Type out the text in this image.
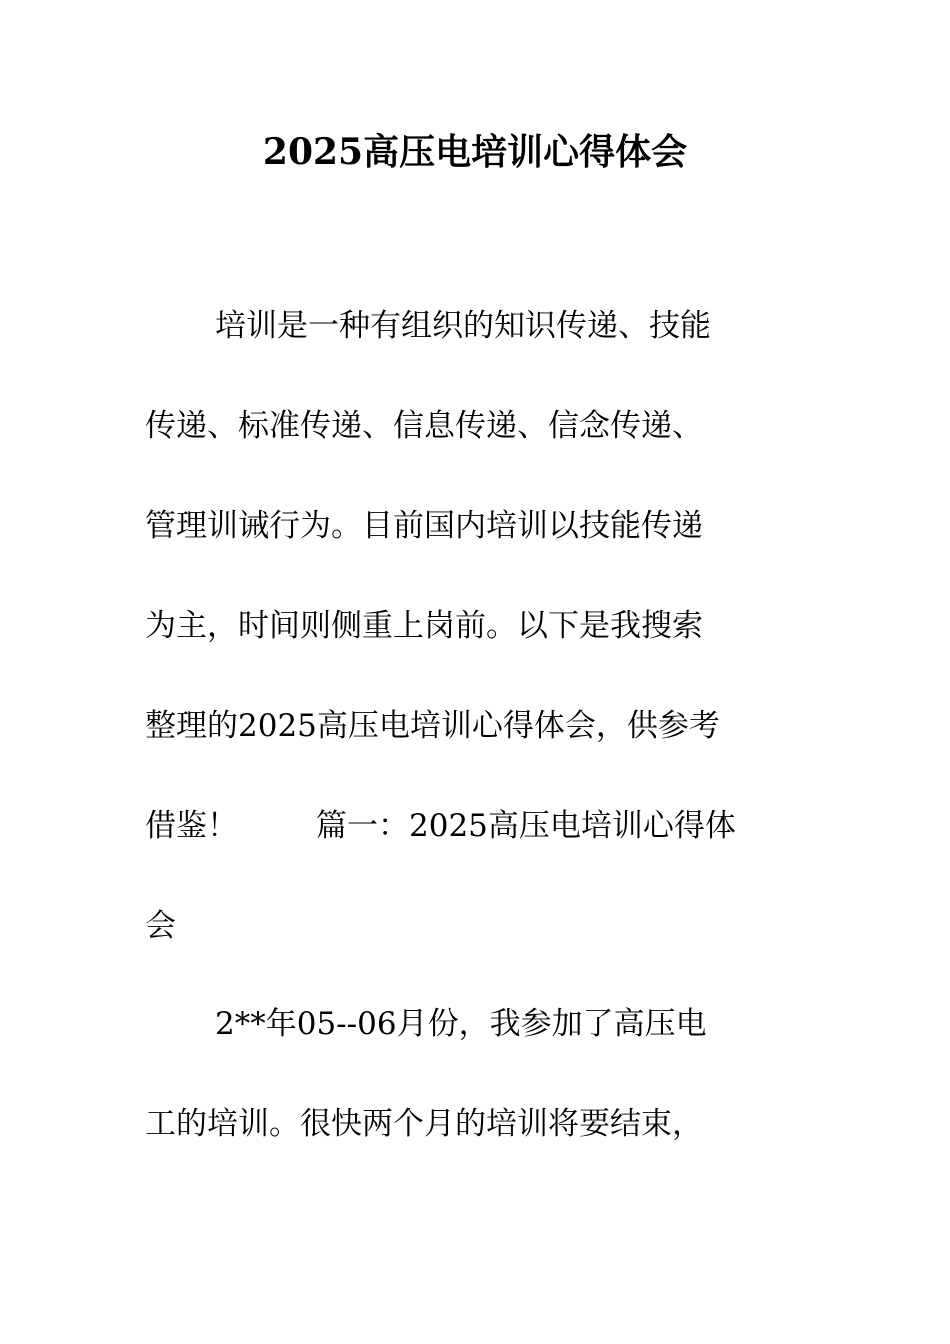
2025高压电培训心得体会
培训是一种有组织的知识传递、技能
传递、标准传递、信息传递、信念传递、
管理训诫行为。目前国内培训以技能传递
为主，时间则侧重上岗前。以下是我搜索
整理的2025高压电培训心得体会，供参考
借鉴！	篇一：2025高压电培训心得体
会
2**年05--06月份，我参加了高压电
工的培训。很快两个月的培训将要结束，
